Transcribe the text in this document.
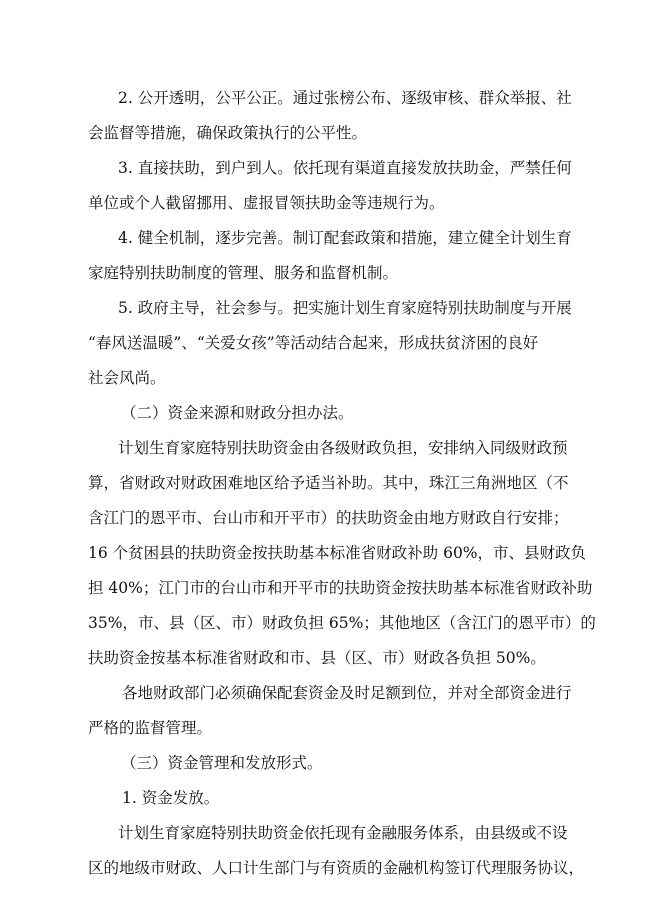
2. 公开透明，公平公正。通过张榜公布、逐级审核、群众举报、社
会监督等措施，确保政策执行的公平性。
3. 直接扶助，到户到人。依托现有渠道直接发放扶助金，严禁任何
单位或个人截留挪用、虚报冒领扶助金等违规行为。
4. 健全机制，逐步完善。制订配套政策和措施，建立健全计划生育
家庭特别扶助制度的管理、服务和监督机制。
5. 政府主导，社会参与。把实施计划生育家庭特别扶助制度与开展
“春风送温暖”、“关爱女孩”等活动结合起来，形成扶贫济困的良好
社会风尚。
（二）资金来源和财政分担办法。
计划生育家庭特别扶助资金由各级财政负担，安排纳入同级财政预
算，省财政对财政困难地区给予适当补助。其中，珠江三角洲地区（不
含江门的恩平市、台山市和开平市）的扶助资金由地方财政自行安排；
16 个贫困县的扶助资金按扶助基本标准省财政补助 60%，市、县财政负
担 40%；江门市的台山市和开平市的扶助资金按扶助基本标准省财政补助
35%，市、县（区、市）财政负担 65%；其他地区（含江门的恩平市）的
扶助资金按基本标准省财政和市、县（区、市）财政各负担 50%。
各地财政部门必须确保配套资金及时足额到位，并对全部资金进行
严格的监督管理。
（三）资金管理和发放形式。
1. 资金发放。
计划生育家庭特别扶助资金依托现有金融服务体系，由县级或不设
区的地级市财政、人口计生部门与有资质的金融机构签订代理服务协议，
